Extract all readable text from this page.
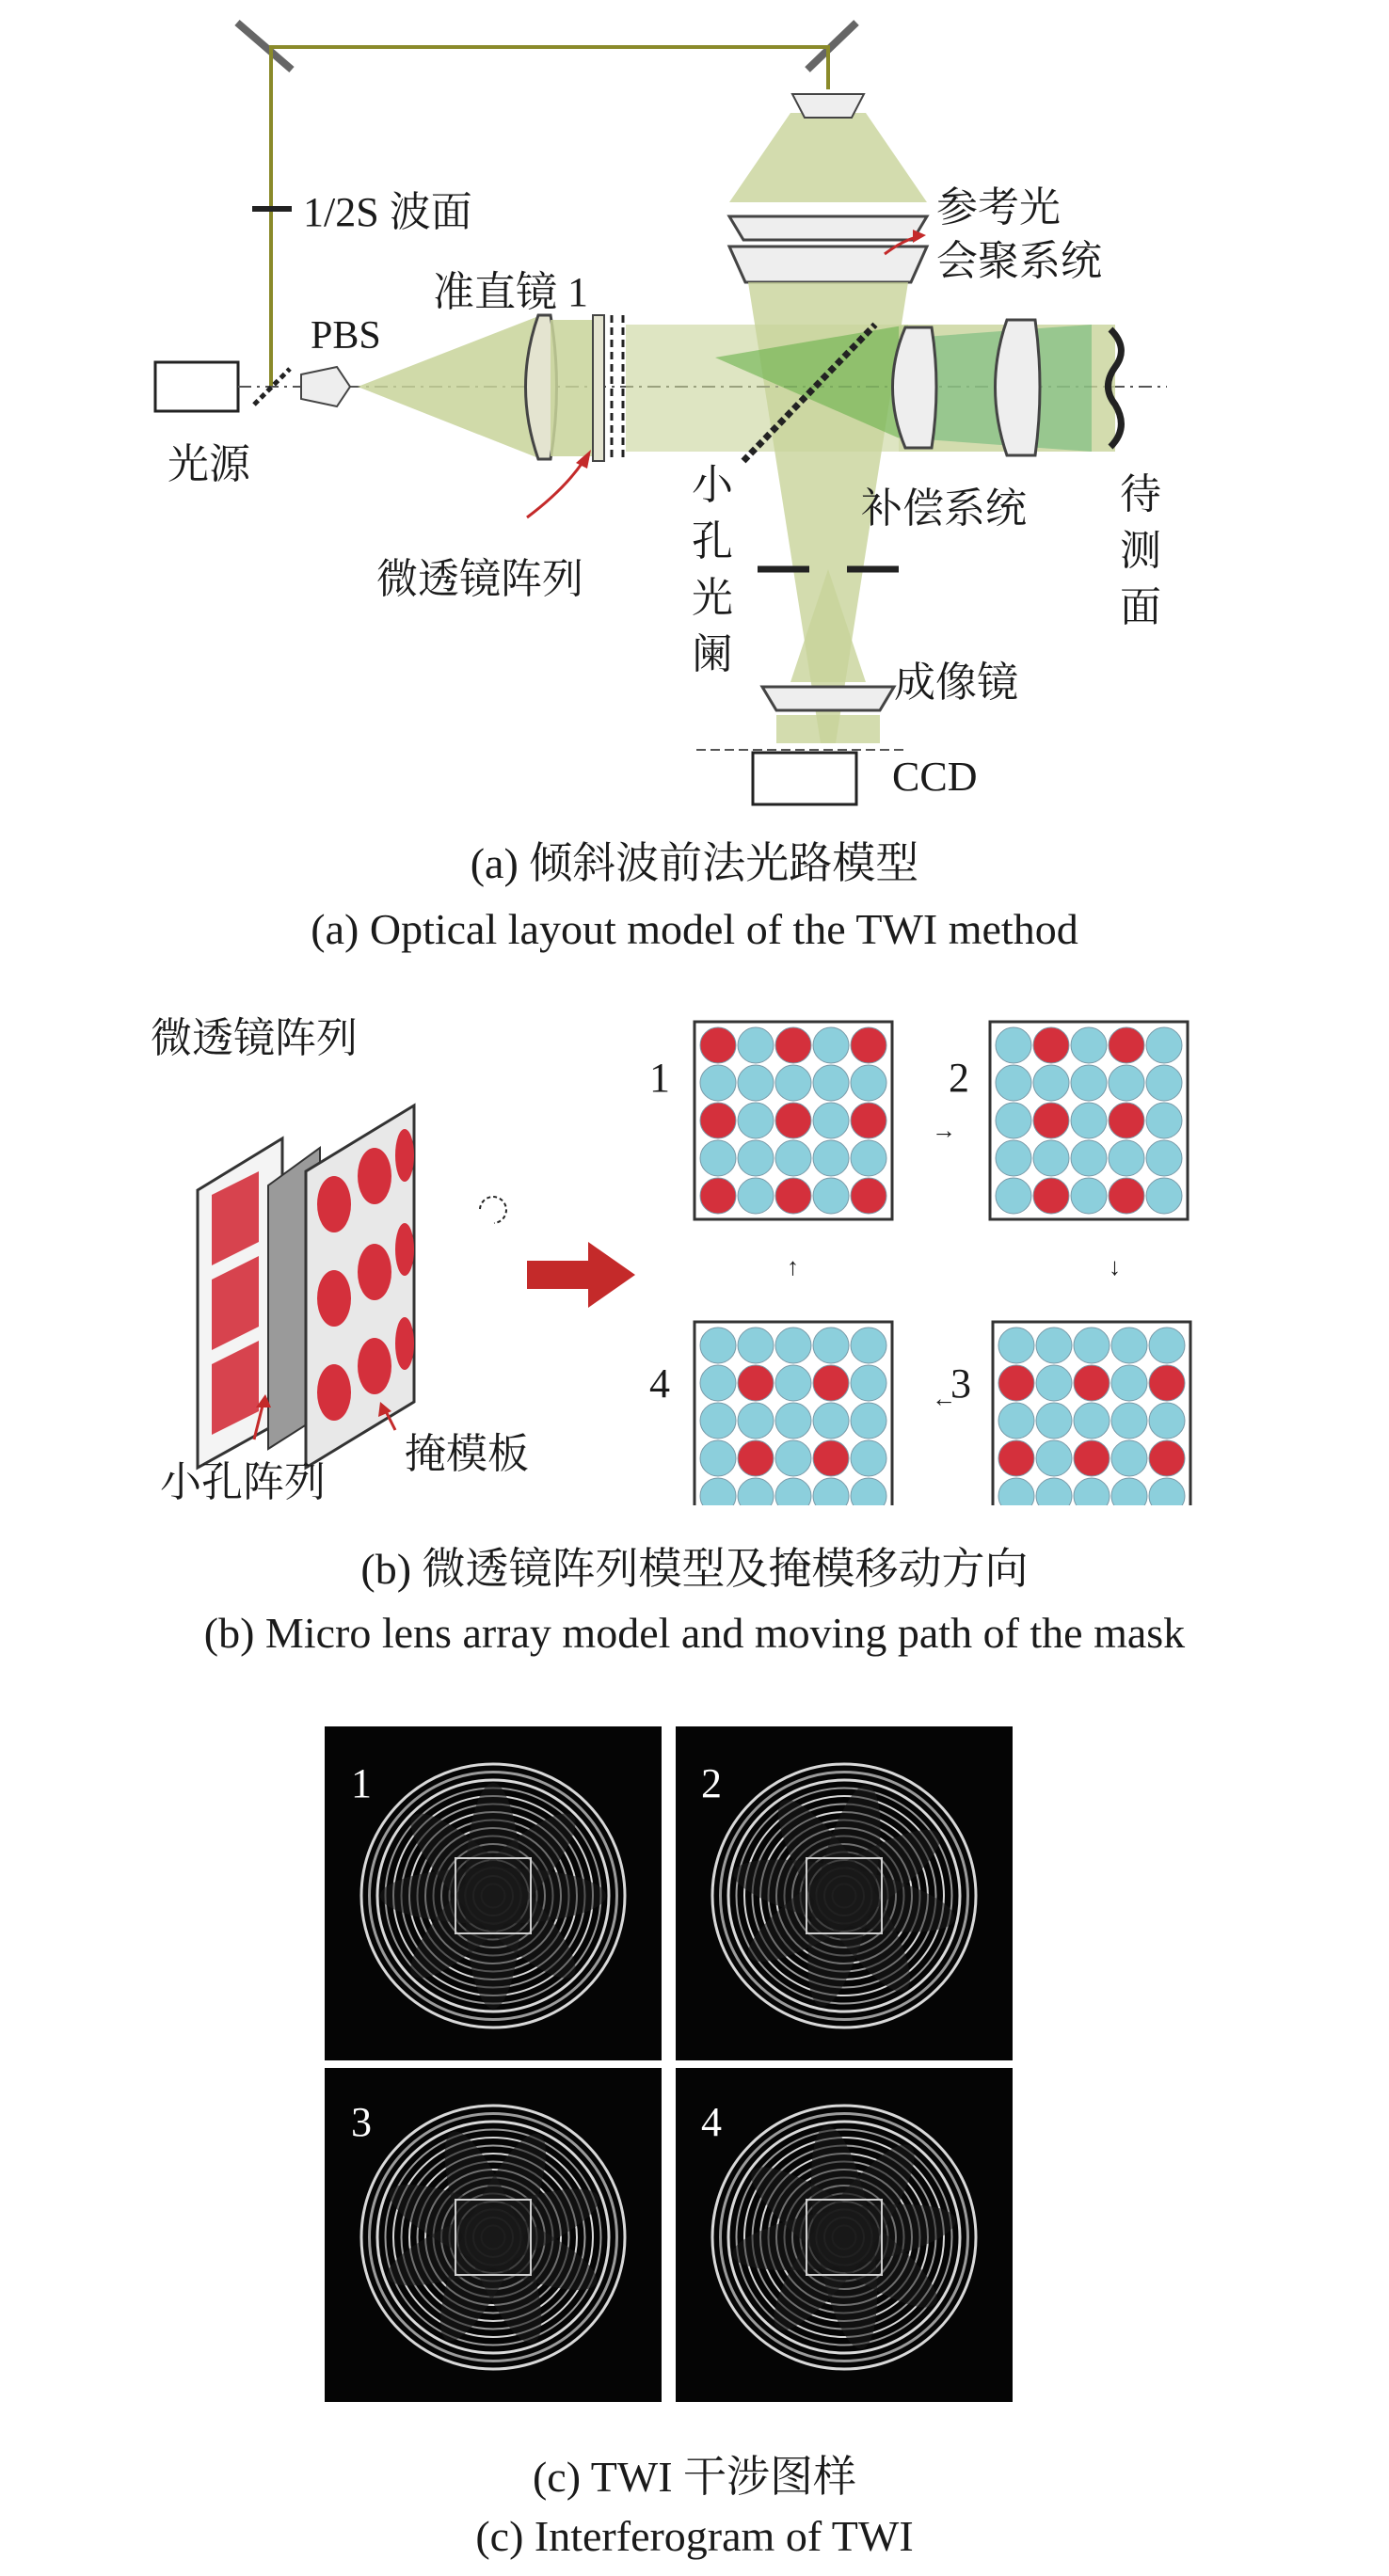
1/2S 波面
光源
PBS
准直镜 1
微透镜阵列
补偿系统
参考光
会聚系统
待
测
面
小
孔
光
阑
成像镜
CCD
(a) 倾斜波前法光路模型
(a) Optical layout model of the TWI method
微透镜阵列
小孔阵列
掩模板
1	2
3
4
→
↓
←
↑
(b) 微透镜阵列模型及掩模移动方向
(b) Micro lens array model and moving path of the mask
1	2
3	4
(c) TWI 干涉图样
(c) Interferogram of TWI
